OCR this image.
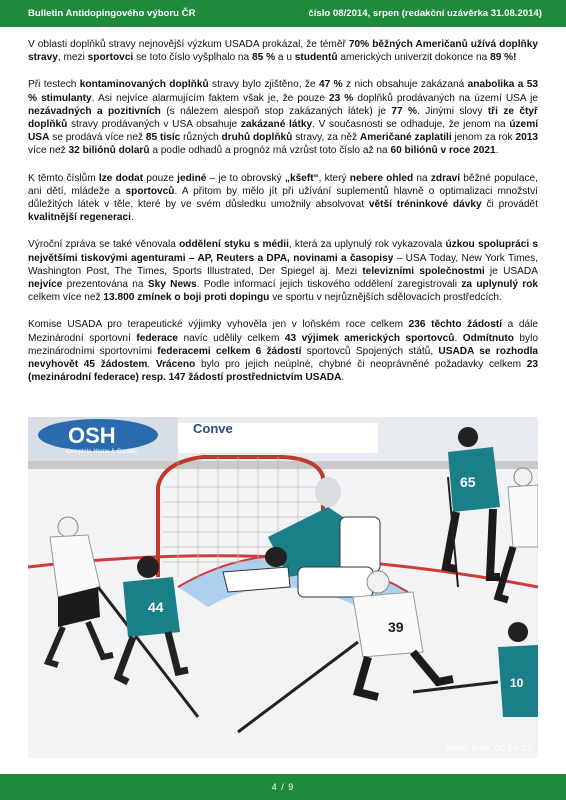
Bulletin Antidopingového výboru ČR	číslo 08/2014, srpen (redakční uzávěrka 31.08.2014)

V oblasti doplňků stravy nejnovější výzkum USADA prokázal, že téměř 70% běžných Američanů užívá doplňky stravy, mezi sportovci se toto číslo vyšplhalo na 85 % a u studentů amerických univerzit dokonce na 89 %!

Při testech kontaminovaných doplňků stravy bylo zjištěno, že 47 % z nich obsahuje zakázaná anabolika a 53 % stimulanty. Asi nejvíce alarmujícím faktem však je, že pouze 23 % doplňků prodávaných na území USA je nezávadných a pozitivních (s nálezem alespoň stop zakázaných látek) je 77 %. Jinými slovy tři ze čtyř doplňků stravy prodávaných v USA obsahuje zakázané látky. V současnosti se odhaduje, že jenom na území USA se prodává více než 85 tisíc různých druhů doplňků stravy, za něž Američané zaplatili jenom za rok 2013 více než 32 biliónů dolarů a podle odhadů a prognóz má vzrůst toto číslo až na 60 biliónů v roce 2021.

K těmto číslům lze dodat pouze jediné – je to obrovský „kšeft“, který nebere ohled na zdraví běžné populace, ani dětí, mládeže a sportovců. A přitom by mělo jít při užívání suplementů hlavně o optimalizaci množství důležitých látek v těle, které by ve svém důsledku umožnily absolvovat větší tréninkové dávky či provádět kvalitnější regeneraci.

Výroční zpráva se také věnovala oddělení styku s médii, která za uplynulý rok vykazovala úzkou spolupráci s největšími tiskovými agenturami – AP, Reuters a DPA, novinami a časopisy – USA Today, New York Times, Washington Post, The Times, Sports Illustrated, Der Spiegel aj. Mezi televizními společnostmi je USADA nejvíce prezentována na Sky News. Podle informací jejich tiskového oddělení zaregistrovali za uplynulý rok celkem více než 13.800 zmínek o boji proti dopingu ve sportu v nejrůznějších sdělovacích prostředcích.

Komise USADA pro terapeutické výjimky vyhověla jen v loňském roce celkem 236 těchto žádostí a dále Mezinárodní sportovní federace navíc udělily celkem 43 výjimek amerických sportovců. Odmítnuto bylo mezinárodními sportovními federacemi celkem 6 žádostí sportovců Spojených států, USADA se rozhodla nevyhovět 45 žádostem. Vráceno bylo pro jejich neúplné, chybné či neoprávněné požadavky celkem 23 (mezinárodní federace) resp. 147 žádostí prostřednictvím USADA.

OSH
Complete Home & Garden
Conve
44
65
39
10
Autor: Beto, CC BY 2.0
4 / 9
